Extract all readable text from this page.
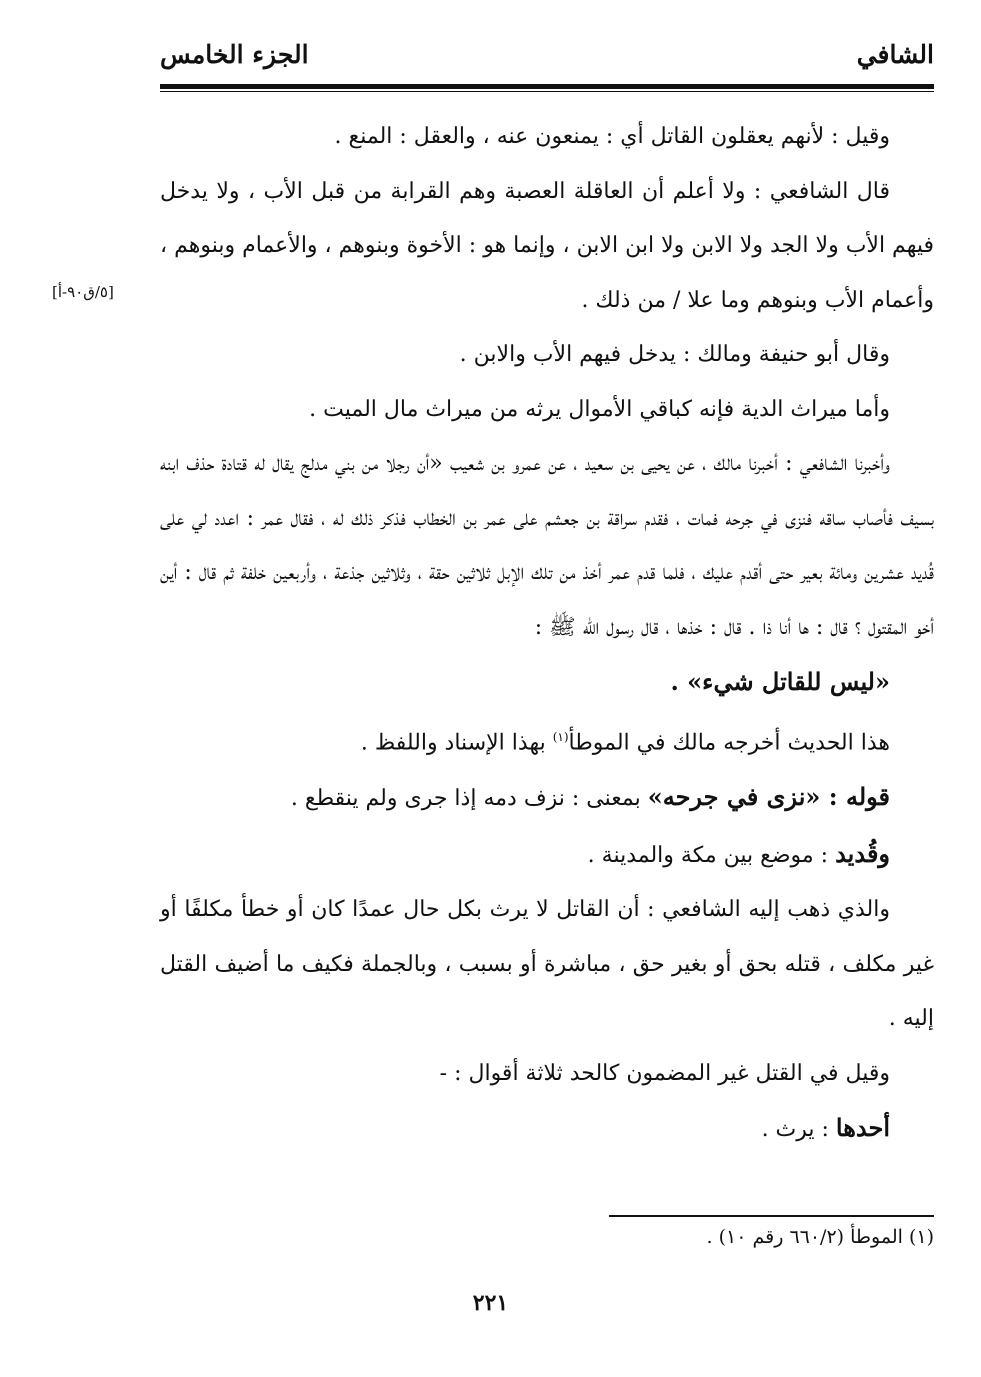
الشافي
الجزء الخامس
[٥/ق٩٠-أ]

وقيل : لأنهم يعقلون القاتل أي : يمنعون عنه ، والعقل : المنع .

قال الشافعي : ولا أعلم أن العاقلة العصبة وهم القرابة من قبل الأب ، ولا يدخل فيهم الأب ولا الجد ولا الابن ولا ابن الابن ، وإنما هو : الأخوة وبنوهم ، والأعمام وبنوهم ، وأعمام الأب وبنوهم وما علا / من ذلك .

وقال أبو حنيفة ومالك : يدخل فيهم الأب والابن .

وأما ميراث الدية فإنه كباقي الأموال يرثه من ميراث مال الميت .

وأخبرنا الشافعي : أخبرنا مالك ، عن يحيى بن سعيد ، عن عمرو بن شعيب «أن رجلا من بني مدلج يقال له قتادة حذف ابنه بسيف فأصاب ساقه فنزى في جرحه فمات ، فقدم سراقة بن جعشم على عمر بن الخطاب فذكر ذلك له ، فقال عمر : اعدد لي على قُديد عشرين ومائة بعير حتى أقدم عليك ، فلما قدم عمر أخذ من تلك الإبل ثلاثين حقة ، وثلاثين جذعة ، وأربعين خلفة ثم قال : أين أخو المقتول ؟ قال : ها أنا ذا . قال : خذها ، قال رسول الله ﷺ :

«ليس للقاتل شيء» .

هذا الحديث أخرجه مالك في الموطأ$^{(١)}$ بهذا الإسناد واللفظ .

قوله : «نزى في جرحه» بمعنى : نزف دمه إذا جرى ولم ينقطع .

وقُديد : موضع بين مكة والمدينة .

والذي ذهب إليه الشافعي : أن القاتل لا يرث بكل حال عمدًا كان أو خطأ مكلفًا أو غير مكلف ، قتله بحق أو بغير حق ، مباشرة أو بسبب ، وبالجملة فكيف ما أضيف القتل إليه .

وقيل في القتل غير المضمون كالحد ثلاثة أقوال : -

أحدها : يرث .

(١) الموطأ (٦٦٠/٢ رقم ١٠) .
٢٢١
